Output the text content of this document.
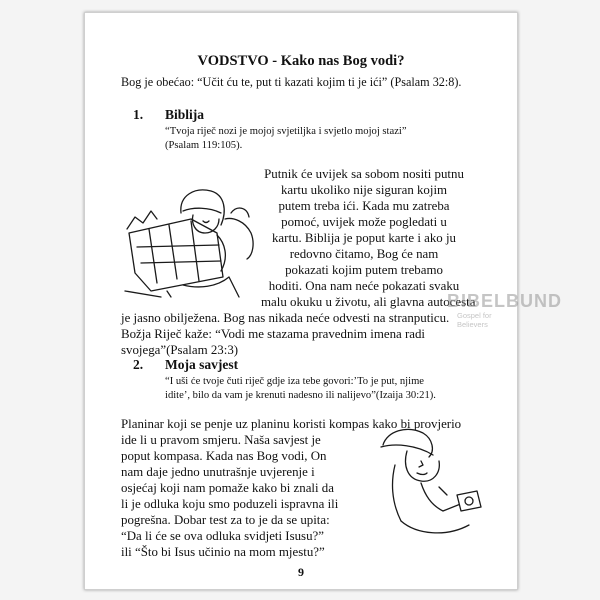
VODSTVO - Kako nas Bog vodi?
Bog je obećao: “Učit ću te, put ti kazati kojim ti je ići” (Psalam 32:8).
1. Biblija
“Tvoja riječ nozi je mojoj svjetiljka i svjetlo mojoj stazi”
(Psalam 119:105).
Putnik će uvijek sa sobom nositi putnu
kartu ukoliko nije siguran kojim
putem treba ići. Kada mu zatreba
pomoć, uvijek može pogledati u
kartu. Biblija je poput karte i ako ju
redovno čitamo, Bog će nam
pokazati kojim putem trebamo
hoditi. Ona nam neće pokazati svaku
malu okuku u životu, ali glavna autocesta
je jasno obilježena. Bog nas nikada neće odvesti na stranputicu.
Božja Riječ kaže: “Vodi me stazama pravednim imena radi
svojega”(Psalam 23:3)
2. Moja savjest
“I uši će tvoje čuti riječ gdje iza tebe govori:’To je put, njime
idite’, bilo da vam je krenuti nadesno ili nalijevo”(Izaija 30:21).
Planinar koji se penje uz planinu koristi kompas kako bi provjerio
ide li u pravom smjeru. Naša savjest je
poput kompasa. Kada nas Bog vodi, On
nam daje jedno unutrašnje uvjerenje i
osjećaj koji nam pomaže kako bi znali da
li je odluka koju smo poduzeli ispravna ili
pogrešna. Dobar test za to je da se upita:
“Da li će se ova odluka svidjeti Isusu?”
ili “Što bi Isus učinio na mom mjestu?”
BIBELBUND
Gospel for Believers
9
